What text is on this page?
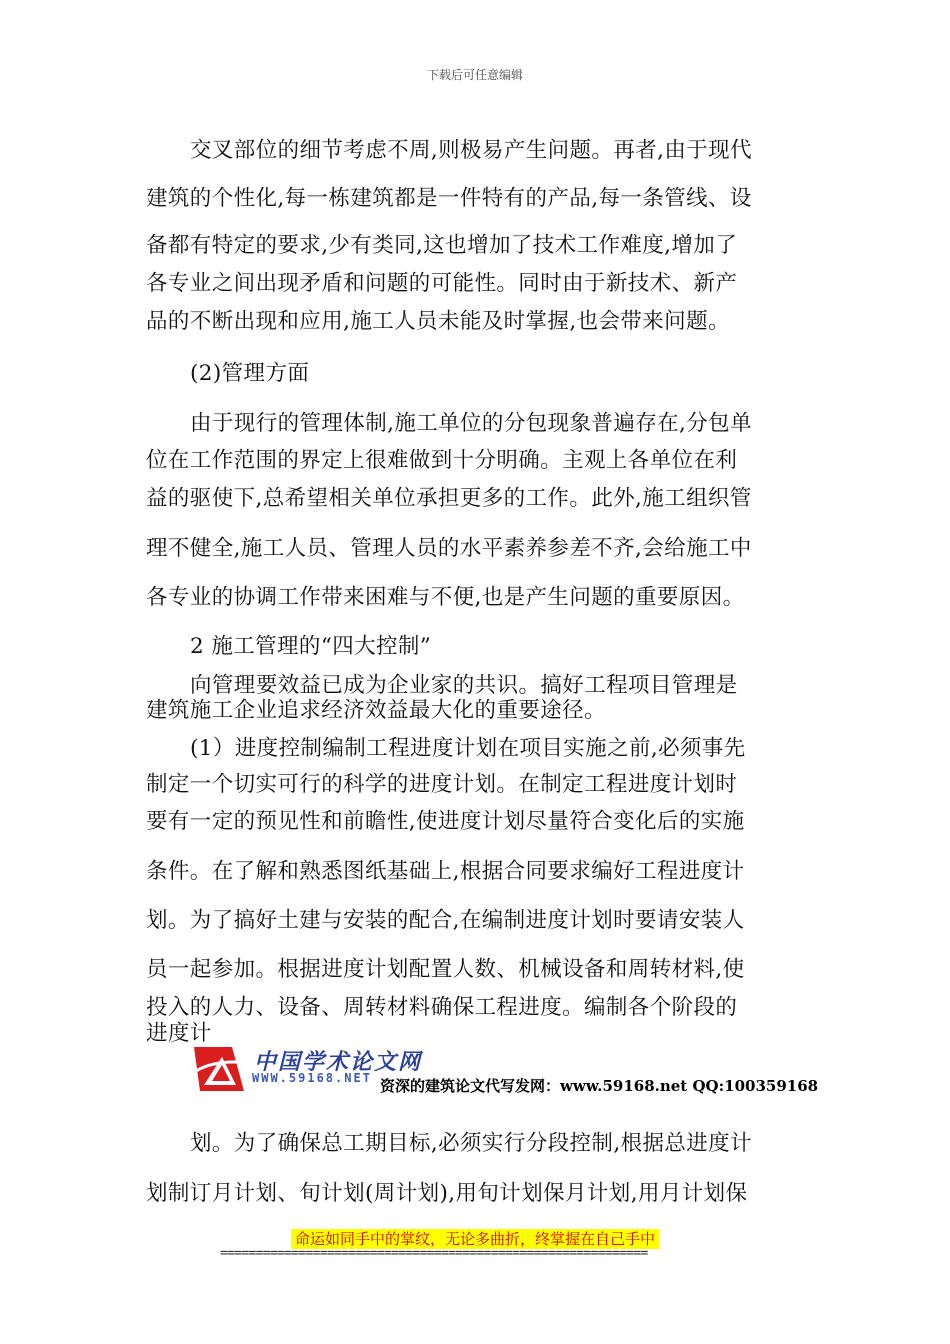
下载后可任意编辑
交叉部位的细节考虑不周,则极易产生问题。再者,由于现代
建筑的个性化,每一栋建筑都是一件特有的产品,每一条管线、设
备都有特定的要求,少有类同,这也增加了技术工作难度,增加了
各专业之间出现矛盾和问题的可能性。同时由于新技术、新产
品的不断出现和应用,施工人员未能及时掌握,也会带来问题。
(2)管理方面
由于现行的管理体制,施工单位的分包现象普遍存在,分包单
位在工作范围的界定上很难做到十分明确。主观上各单位在利
益的驱使下,总希望相关单位承担更多的工作。此外,施工组织管
理不健全,施工人员、管理人员的水平素养参差不齐,会给施工中
各专业的协调工作带来困难与不便,也是产生问题的重要原因。
2 施工管理的“四大控制”
向管理要效益已成为企业家的共识。搞好工程项目管理是
建筑施工企业追求经济效益最大化的重要途径。
(1）进度控制编制工程进度计划在项目实施之前,必须事先
制定一个切实可行的科学的进度计划。在制定工程进度计划时
要有一定的预见性和前瞻性,使进度计划尽量符合变化后的实施
条件。在了解和熟悉图纸基础上,根据合同要求编好工程进度计
划。为了搞好土建与安装的配合,在编制进度计划时要请安装人
员一起参加。根据进度计划配置人数、机械设备和周转材料,使
投入的人力、设备、周转材料确保工程进度。编制各个阶段的
进度计
中国学术论文网
WWW.59168.NET 资深的建筑论文代写发网：www.59168.net QQ:100359168
划。为了确保总工期目标,必须实行分段控制,根据总进度计
划制订月计划、旬计划(周计划),用旬计划保月计划,用月计划保
命运如同手中的掌纹，无论多曲折，终掌握在自己手中
============================================================
